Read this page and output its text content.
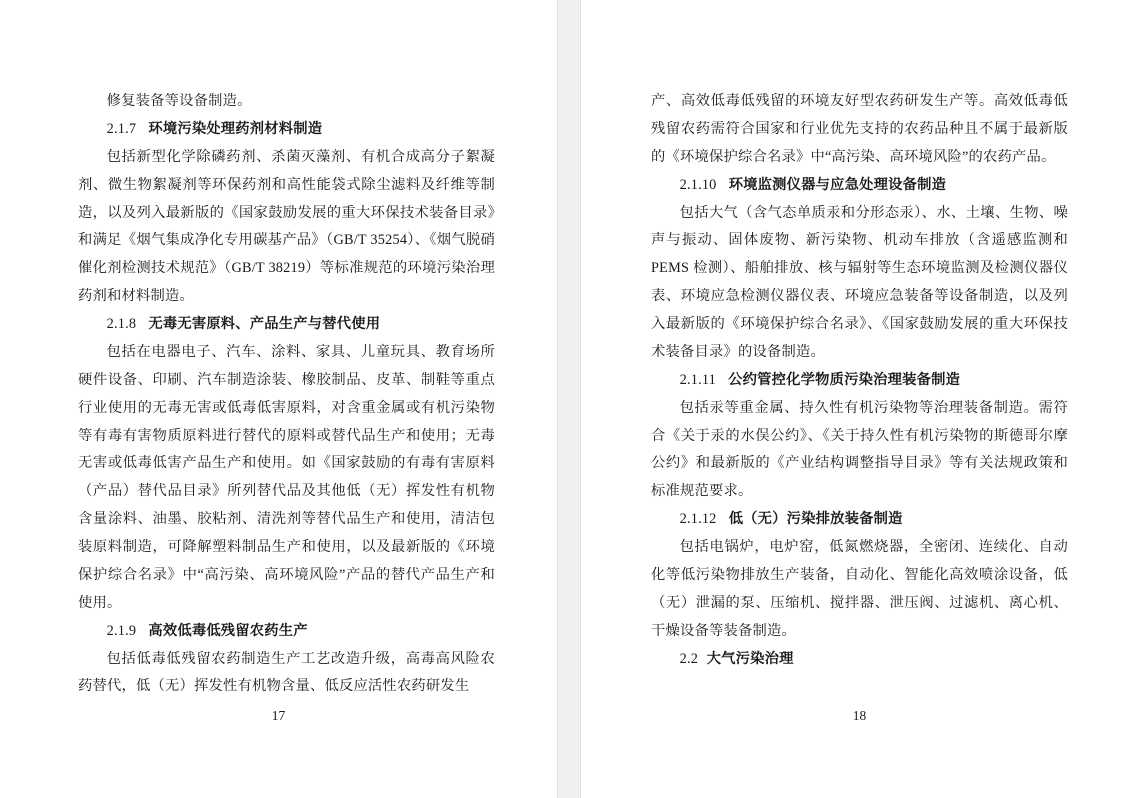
修复装备等设备制造。

2.1.7 环境污染处理药剂材料制造

包括新型化学除磷药剂、杀菌灭藻剂、有机合成高分子絮凝剂、微生物絮凝剂等环保药剂和高性能袋式除尘滤料及纤维等制造，以及列入最新版的《国家鼓励发展的重大环保技术装备目录》和满足《烟气集成净化专用碳基产品》（GB/T 35254）、《烟气脱硝催化剂检测技术规范》（GB/T 38219）等标准规范的环境污染治理药剂和材料制造。

2.1.8 无毒无害原料、产品生产与替代使用

包括在电器电子、汽车、涂料、家具、儿童玩具、教育场所硬件设备、印刷、汽车制造涂装、橡胶制品、皮革、制鞋等重点行业使用的无毒无害或低毒低害原料，对含重金属或有机污染物等有毒有害物质原料进行替代的原料或替代品生产和使用；无毒无害或低毒低害产品生产和使用。如《国家鼓励的有毒有害原料（产品）替代品目录》所列替代品及其他低（无）挥发性有机物含量涂料、油墨、胶粘剂、清洗剂等替代品生产和使用，清洁包装原料制造，可降解塑料制品生产和使用，以及最新版的《环境保护综合名录》中“高污染、高环境风险”产品的替代产品生产和使用。

2.1.9 高效低毒低残留农药生产

包括低毒低残留农药制造生产工艺改造升级，高毒高风险农药替代，低（无）挥发性有机物含量、低反应活性农药研发生

17

产、高效低毒低残留的环境友好型农药研发生产等。高效低毒低残留农药需符合国家和行业优先支持的农药品种且不属于最新版的《环境保护综合名录》中“高污染、高环境风险”的农药产品。

2.1.10 环境监测仪器与应急处理设备制造

包括大气（含气态单质汞和分形态汞）、水、土壤、生物、噪声与振动、固体废物、新污染物、机动车排放（含遥感监测和PEMS 检测）、船舶排放、核与辐射等生态环境监测及检测仪器仪表、环境应急检测仪器仪表、环境应急装备等设备制造，以及列入最新版的《环境保护综合名录》、《国家鼓励发展的重大环保技术装备目录》的设备制造。

2.1.11 公约管控化学物质污染治理装备制造

包括汞等重金属、持久性有机污染物等治理装备制造。需符合《关于汞的水俣公约》、《关于持久性有机污染物的斯德哥尔摩公约》和最新版的《产业结构调整指导目录》等有关法规政策和标准规范要求。

2.1.12 低（无）污染排放装备制造

包括电锅炉，电炉窑，低氮燃烧器，全密闭、连续化、自动化等低污染物排放生产装备，自动化、智能化高效喷涂设备，低（无）泄漏的泵、压缩机、搅拌器、泄压阀、过滤机、离心机、干燥设备等装备制造。

2.2 大气污染治理

18
